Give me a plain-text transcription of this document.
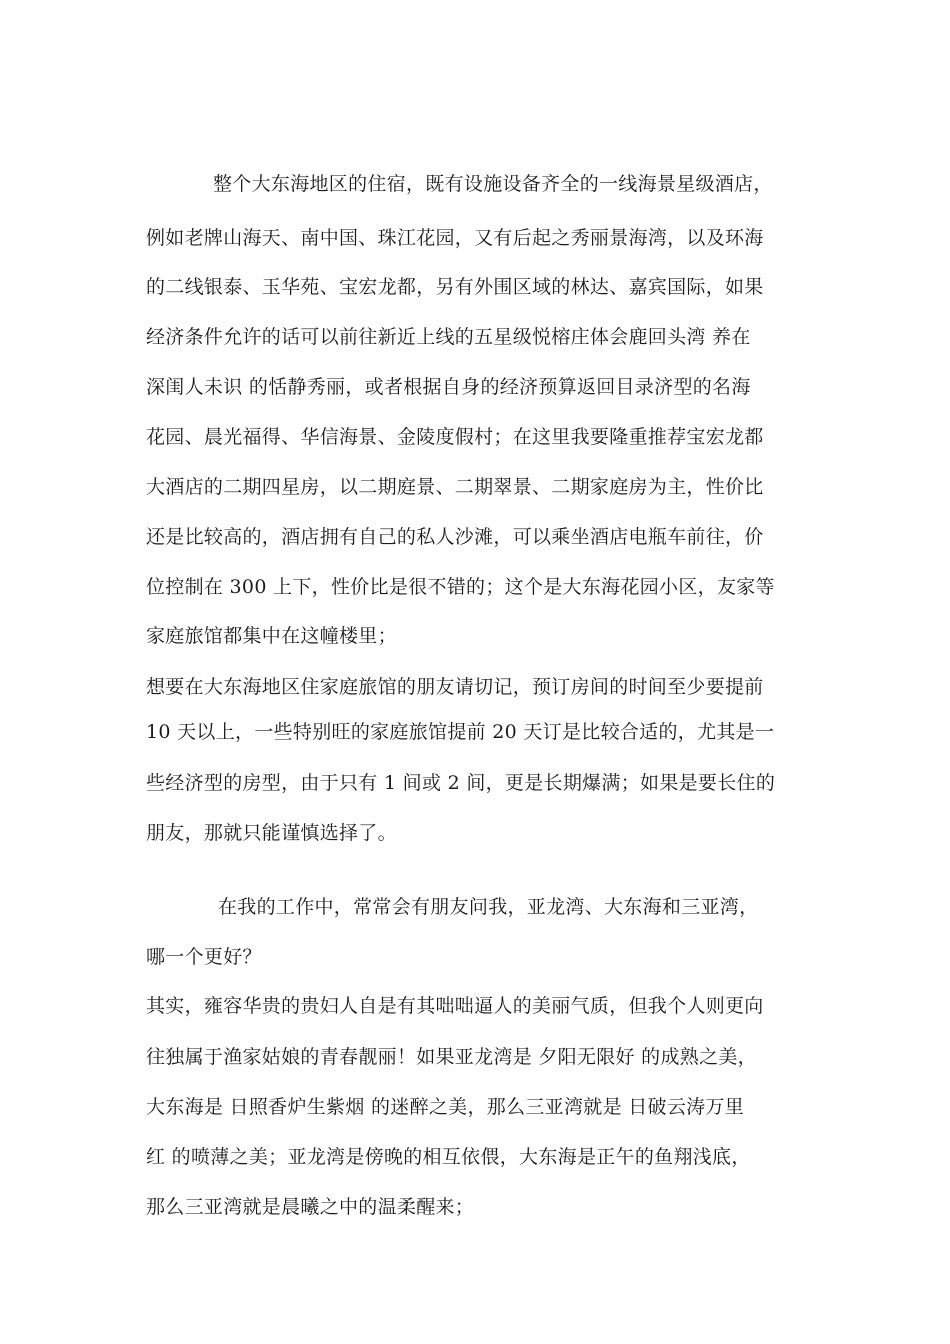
整个大东海地区的住宿，既有设施设备齐全的一线海景星级酒店，
例如老牌山海天、南中国、珠江花园，又有后起之秀丽景海湾，以及环海
的二线银泰、玉华苑、宝宏龙都，另有外围区域的林达、嘉宾国际，如果
经济条件允许的话可以前往新近上线的五星级悦榕庄体会鹿回头湾 养在
深闺人未识 的恬静秀丽，或者根据自身的经济预算返回目录济型的名海
花园、晨光福得、华信海景、金陵度假村；在这里我要隆重推荐宝宏龙都
大酒店的二期四星房，以二期庭景、二期翠景、二期家庭房为主，性价比
还是比较高的，酒店拥有自己的私人沙滩，可以乘坐酒店电瓶车前往，价
位控制在 300 上下，性价比是很不错的；这个是大东海花园小区，友家等
家庭旅馆都集中在这幢楼里；
想要在大东海地区住家庭旅馆的朋友请切记，预订房间的时间至少要提前
10 天以上，一些特别旺的家庭旅馆提前 20 天订是比较合适的，尤其是一
些经济型的房型，由于只有 1 间或 2 间，更是长期爆满；如果是要长住的
朋友，那就只能谨慎选择了。
在我的工作中，常常会有朋友问我，亚龙湾、大东海和三亚湾，
哪一个更好？
其实，雍容华贵的贵妇人自是有其咄咄逼人的美丽气质，但我个人则更向
往独属于渔家姑娘的青春靓丽！如果亚龙湾是 夕阳无限好 的成熟之美，
大东海是 日照香炉生紫烟 的迷醉之美，那么三亚湾就是 日破云涛万里
红 的喷薄之美；亚龙湾是傍晚的相互依偎，大东海是正午的鱼翔浅底，
那么三亚湾就是晨曦之中的温柔醒来；
